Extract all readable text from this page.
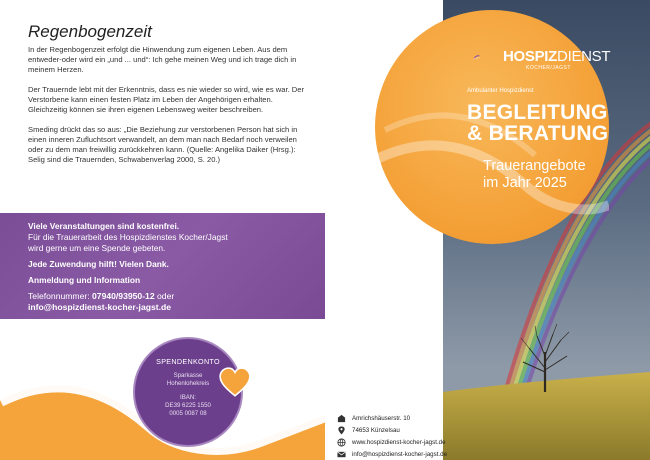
Regenbogenzeit

In der Regenbogenzeit erfolgt die Hinwendung zum eigenen Leben. Aus dem entweder-oder wird ein „und ... und“: Ich gehe meinen Weg und ich trage dich in meinem Herzen.

Der Trauernde lebt mit der Erkenntnis, dass es nie wieder so wird, wie es war. Der Verstorbene kann einen festen Platz im Leben der Angehörigen erhalten. Gleichzeitig können sie ihren eigenen Lebensweg weiter beschreiben.

Smeding drückt das so aus: „Die Beziehung zur verstorbenen Person hat sich in einen inneren Zufluchtsort verwandelt, an dem man nach Bedarf noch verweilen oder zu dem man freiwillig zurückkehren kann. (Quelle: Angelika Daiker (Hrsg.): Selig sind die Trauernden, Schwabenverlag 2000, S. 20.)

Viele Veranstaltungen sind kostenfrei.
Für die Trauerarbeit des Hospizdienstes Kocher/Jagst
wird gerne um eine Spende gebeten.
Jede Zuwendung hilft! Vielen Dank.
Anmeldung und Information
Telefonnummer: 07940/93950-12 oder
info@hospizdienst-kocher-jagst.de
SPENDENKONTO
Sparkasse
Hohenlohekreis
IBAN:
DE39 6225 1550
0005 0087 08
HOSPIZDIENST
KOCHER/JAGST
Ambulanter Hospizdienst
BEGLEITUNG
& BERATUNG
Trauerangebote
im Jahr 2025
Amrichshäuserstr. 10
74653 Künzelsau
www.hospizdienst-kocher-jagst.de
info@hospizdienst-kocher-jagst.de
